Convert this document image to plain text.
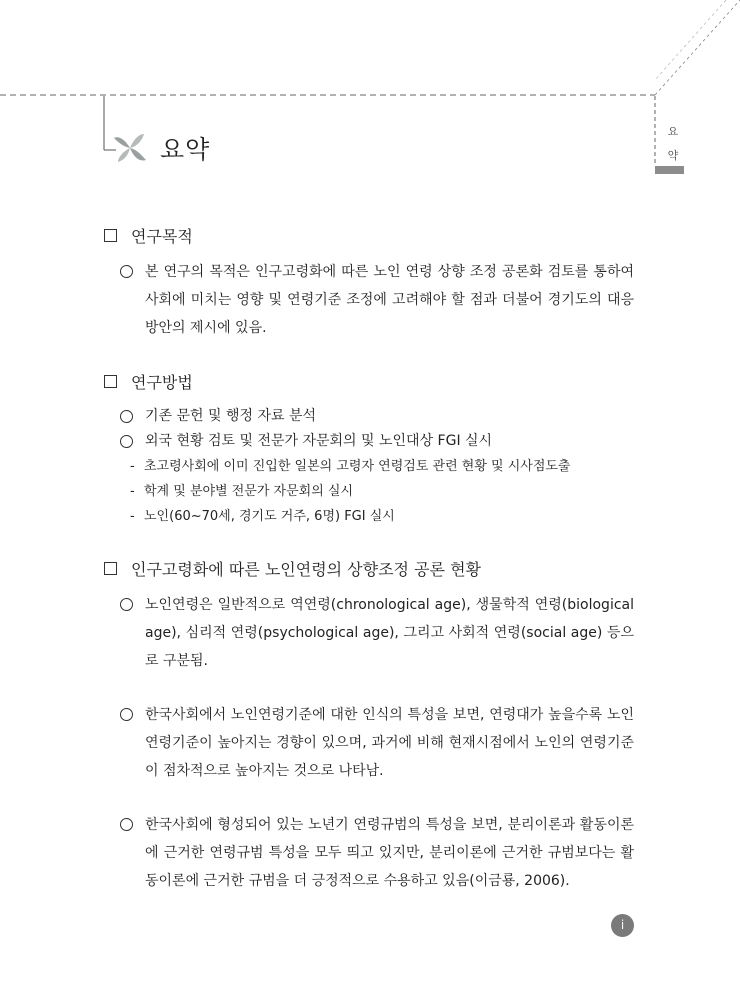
요약
요
약
연구목적
본 연구의 목적은 인구고령화에 따른 노인 연령 상향 조정 공론화 검토를 통하여 사회에 미치는 영향 및 연령기준 조정에 고려해야 할 점과 더불어 경기도의 대응방안의 제시에 있음.
연구방법
기존 문헌 및 행정 자료 분석
외국 현황 검토 및 전문가 자문회의 및 노인대상 FGI 실시
- 초고령사회에 이미 진입한 일본의 고령자 연령검토 관련 현황 및 시사점도출
- 학계 및 분야별 전문가 자문회의 실시
- 노인(60~70세, 경기도 거주, 6명) FGI 실시
인구고령화에 따른 노인연령의 상향조정 공론 현황
노인연령은 일반적으로 역연령(chronological age), 생물학적 연령(biological age), 심리적 연령(psychological age), 그리고 사회적 연령(social age) 등으로 구분됨.
한국사회에서 노인연령기준에 대한 인식의 특성을 보면, 연령대가 높을수록 노인연령기준이 높아지는 경향이 있으며, 과거에 비해 현재시점에서 노인의 연령기준이 점차적으로 높아지는 것으로 나타남.
한국사회에 형성되어 있는 노년기 연령규범의 특성을 보면, 분리이론과 활동이론에 근거한 연령규범 특성을 모두 띄고 있지만, 분리이론에 근거한 규범보다는 활동이론에 근거한 규범을 더 긍정적으로 수용하고 있음(이금룡, 2006).
i
